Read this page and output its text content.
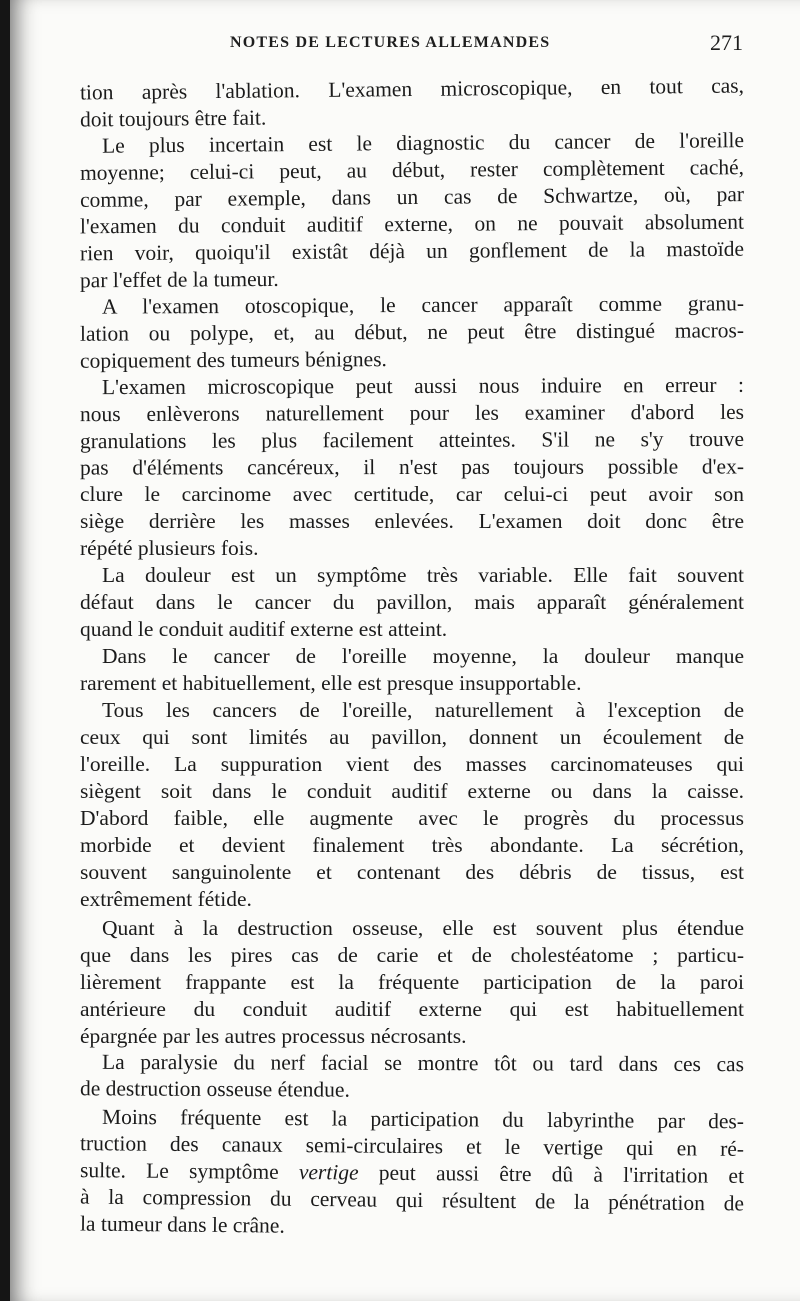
NOTES DE LECTURES ALLEMANDES	271
tion après l'ablation. L'examen microscopique, en tout cas,
doit toujours être fait.
Le plus incertain est le diagnostic du cancer de l'oreille
moyenne; celui-ci peut, au début, rester complètement caché,
comme, par exemple, dans un cas de Schwartze, où, par
l'examen du conduit auditif externe, on ne pouvait absolument
rien voir, quoiqu'il existât déjà un gonflement de la mastoïde
par l'effet de la tumeur.
A l'examen otoscopique, le cancer apparaît comme granu-
lation ou polype, et, au début, ne peut être distingué macros-
copiquement des tumeurs bénignes.
L'examen microscopique peut aussi nous induire en erreur :
nous enlèverons naturellement pour les examiner d'abord les
granulations les plus facilement atteintes. S'il ne s'y trouve
pas d'éléments cancéreux, il n'est pas toujours possible d'ex-
clure le carcinome avec certitude, car celui-ci peut avoir son
siège derrière les masses enlevées. L'examen doit donc être
répété plusieurs fois.
La douleur est un symptôme très variable. Elle fait souvent
défaut dans le cancer du pavillon, mais apparaît généralement
quand le conduit auditif externe est atteint.
Dans le cancer de l'oreille moyenne, la douleur manque
rarement et habituellement, elle est presque insupportable.
Tous les cancers de l'oreille, naturellement à l'exception de
ceux qui sont limités au pavillon, donnent un écoulement de
l'oreille. La suppuration vient des masses carcinomateuses qui
siègent soit dans le conduit auditif externe ou dans la caisse.
D'abord faible, elle augmente avec le progrès du processus
morbide et devient finalement très abondante. La sécrétion,
souvent sanguinolente et contenant des débris de tissus, est
extrêmement fétide.
Quant à la destruction osseuse, elle est souvent plus étendue
que dans les pires cas de carie et de cholestéatome ; particu-
lièrement frappante est la fréquente participation de la paroi
antérieure du conduit auditif externe qui est habituellement
épargnée par les autres processus nécrosants.
La paralysie du nerf facial se montre tôt ou tard dans ces cas
de destruction osseuse étendue.
Moins fréquente est la participation du labyrinthe par des-
truction des canaux semi-circulaires et le vertige qui en ré-
sulte. Le symptôme vertige peut aussi être dû à l'irritation et
à la compression du cerveau qui résultent de la pénétration de
la tumeur dans le crâne.
